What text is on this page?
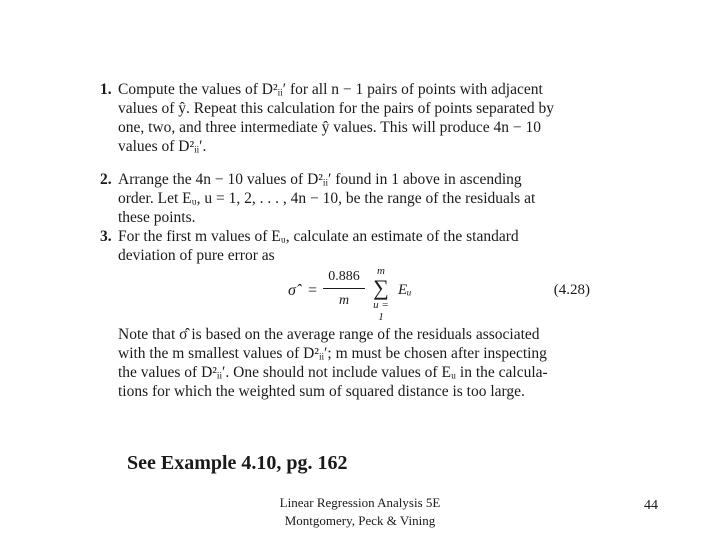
1. Compute the values of D²ᵢᵢ′ for all n − 1 pairs of points with adjacent
values of ŷ. Repeat this calculation for the pairs of points separated by
one, two, and three intermediate ŷ values. This will produce 4n − 10
values of D²ᵢᵢ′.
2. Arrange the 4n − 10 values of D²ᵢᵢ′ found in 1 above in ascending
order. Let Eᵤ, u = 1, 2, . . . , 4n − 10, be the range of the residuals at
these points.
3. For the first m values of Eᵤ, calculate an estimate of the standard
deviation of pure error as
σ̂ =
0.886
m
m
∑
u = 1
Eᵤ	(4.28)
Note that σ̂ is based on the average range of the residuals associated
with the m smallest values of D²ᵢᵢ′; m must be chosen after inspecting
the values of D²ᵢᵢ′. One should not include values of Eᵤ in the calcula-
tions for which the weighted sum of squared distance is too large.
See Example 4.10, pg. 162
Linear Regression Analysis 5E
Montgomery, Peck & Vining
44
